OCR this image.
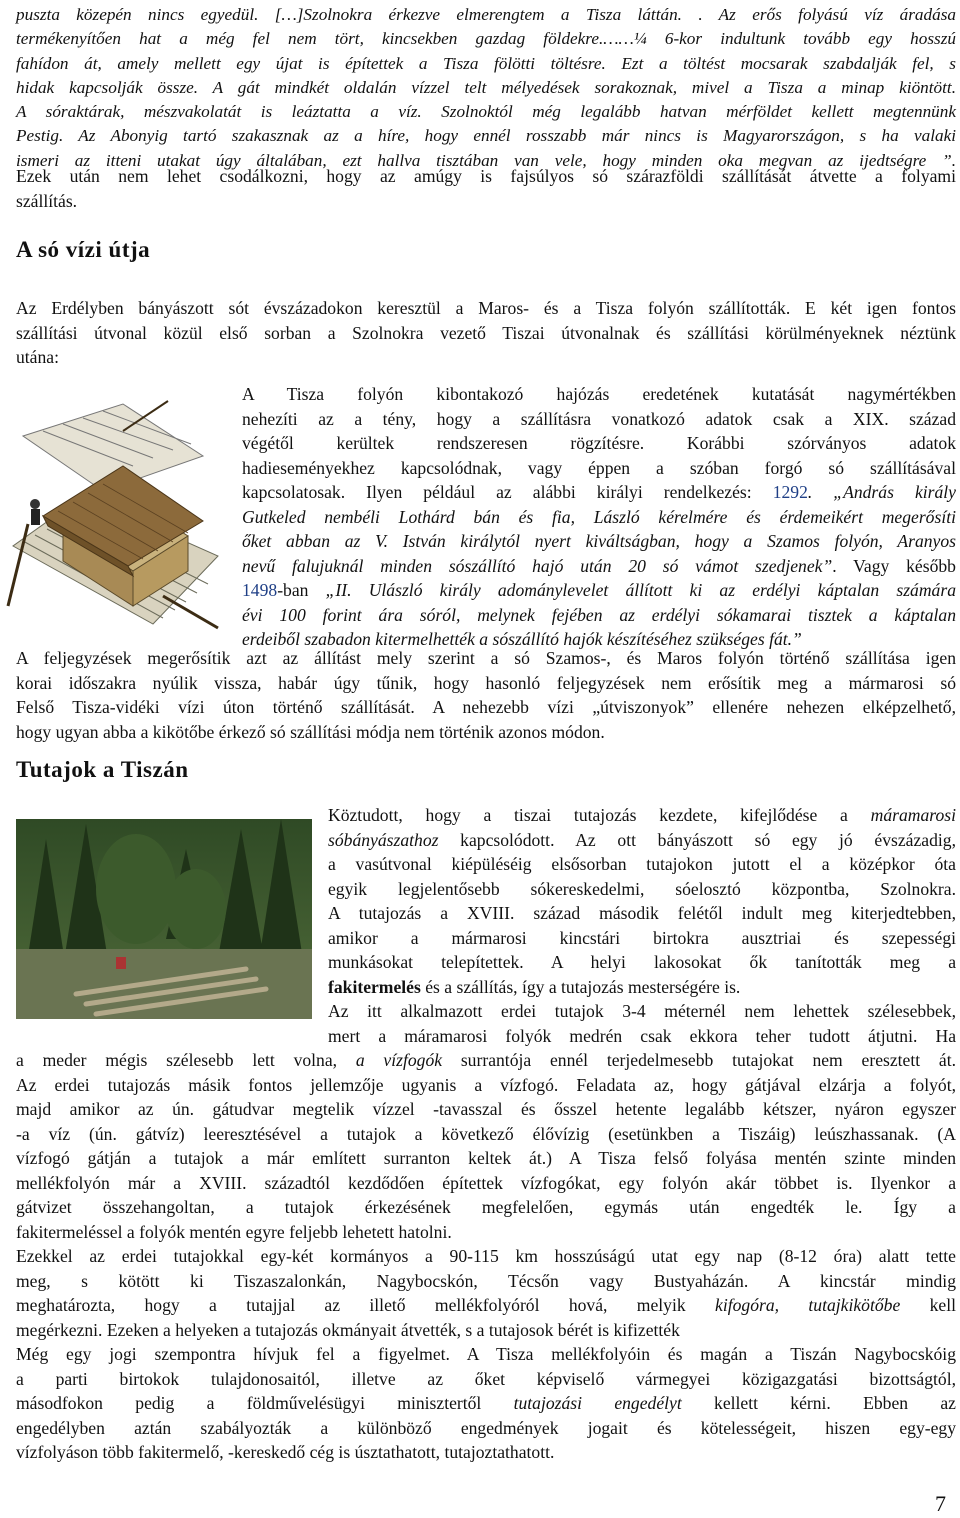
puszta közepén nincs egyedül. […]Szolnokra érkezve elmerengtem a Tisza láttán. . Az erős folyású víz áradása
termékenyítően hat a még fel nem tört, kincsekben gazdag földekre.……¼ 6-kor indultunk tovább egy hosszú
fahídon át, amely mellett egy újat is építettek a Tisza fölötti töltésre. Ezt a töltést mocsarak szabdalják fel, s
hidak kapcsolják össze. A gát mindkét oldalán vízzel telt mélyedések sorakoznak, mivel a Tisza a minap kiöntött.
A sóraktárak, mészvakolatát is leáztatta a víz. Szolnoktól még legalább hatvan mérföldet kellett megtennünk
Pestig. Az Abonyig tartó szakasznak az a híre, hogy ennél rosszabb már nincs is Magyarországon, s ha valaki
ismeri az itteni utakat úgy általában, ezt hallva tisztában van vele, hogy minden oka megvan az ijedtségre ”.
Ezek után nem lehet csodálkozni, hogy az amúgy is fajsúlyos só szárazföldi szállítását átvette a folyami
szállítás.
A só vízi útja
Az Erdélyben bányászott sót évszázadokon keresztül a Maros- és a Tisza folyón szállították. E két igen fontos
szállítási útvonal közül első sorban a Szolnokra vezető Tiszai útvonalnak és szállítási körülményeknek néztünk
utána:
A Tisza folyón kibontakozó hajózás eredetének kutatását nagymértékben
nehezíti az a tény, hogy a szállításra vonatkozó adatok csak a XIX. század
végétől kerültek rendszeresen rögzítésre. Korábbi szórványos adatok
hadieseményekhez kapcsolódnak, vagy éppen a szóban forgó só szállításával
kapcsolatosak. Ilyen például az alábbi királyi rendelkezés: 1292. „András király
Gutkeled nembéli Lothárd bán és fia, László kérelmére és érdemeikért megerősíti
őket abban az V. István királytól nyert kiváltságban, hogy a Szamos folyón, Aranyos
nevű falujuknál minden sószállító hajó után 20 só vámot szedjenek”. Vagy később
1498-ban „II. Ulászló király adománylevelet állított ki az erdélyi káptalan számára
évi 100 forint ára sóról, melynek fejében az erdélyi sókamarai tisztek a káptalan
erdeiből szabadon kitermelhették a sószállító hajók készítéséhez szükséges fát.”
A feljegyzések megerősítik azt az állítást mely szerint a só Szamos-, és Maros folyón történő szállítása igen
korai időszakra nyúlik vissza, habár úgy tűnik, hogy hasonló feljegyzések nem erősítik meg a mármarosi só
Felső Tisza-vidéki vízi úton történő szállítását. A nehezebb vízi „útviszonyok” ellenére nehezen elképzelhető,
hogy ugyan abba a kikötőbe érkező só szállítási módja nem történik azonos módon.
Tutajok a Tiszán
Köztudott, hogy a tiszai tutajozás kezdete, kifejlődése a máramarosi
sóbányászathoz kapcsolódott. Az ott bányászott só egy jó évszázadig,
a vasútvonal kiépüléséig elsősorban tutajokon jutott el a középkor óta
egyik legjelentősebb sókereskedelmi, sóelosztó központba, Szolnokra.
A tutajozás a XVIII. század második felétől indult meg kiterjedtebben,
amikor a mármarosi kincstári birtokra ausztriai és szepességi
munkásokat telepítettek. A helyi lakosokat ők tanították meg a
fakitermelés és a szállítás, így a tutajozás mesterségére is.
Az itt alkalmazott erdei tutajok 3-4 méternél nem lehettek szélesebbek,
mert a máramarosi folyók medrén csak ekkora teher tudott átjutni. Ha
a meder mégis szélesebb lett volna, a vízfogók surrantója ennél terjedelmesebb tutajokat nem eresztett át.
Az erdei tutajozás másik fontos jellemzője ugyanis a vízfogó. Feladata az, hogy gátjával elzárja a folyót,
majd amikor az ún. gátudvar megtelik vízzel -tavasszal és ősszel hetente legalább kétszer, nyáron egyszer
-a víz (ún. gátvíz) leeresztésével a tutajok a következő élővízig (esetünkben a Tiszáig) leúszhassanak. (A
vízfogó gátján a tutajok a már említett surranton keltek át.) A Tisza felső folyása mentén szinte minden
mellékfolyón már a XVIII. századtól kezdődően építettek vízfogókat, egy folyón akár többet is. Ilyenkor a
gátvizet összehangoltan, a tutajok érkezésének megfelelően, egymás után engedték le. Így a
fakitermeléssel a folyók mentén egyre feljebb lehetett hatolni.
Ezekkel az erdei tutajokkal egy-két kormányos a 90-115 km hosszúságú utat egy nap (8-12 óra) alatt tette
meg, s kötött ki Tiszaszalonkán, Nagybocskón, Técsőn vagy Bustyaházán. A kincstár mindig
meghatározta, hogy a tutajjal az illető mellékfolyóról hová, melyik kifogóra, tutajkikötőbe kell
megérkezni. Ezeken a helyeken a tutajozás okmányait átvették, s a tutajosok bérét is kifizették
Még egy jogi szempontra hívjuk fel a figyelmet. A Tisza mellékfolyóin és magán a Tiszán Nagybocskóig
a parti birtokok tulajdonosaitól, illetve az őket képviselő vármegyei közigazgatási bizottságtól,
másodfokon pedig a földművelésügyi minisztertől tutajozási engedélyt kellett kérni. Ebben az
engedélyben aztán szabályozták a különböző engedmények jogait és kötelességeit, hiszen egy-egy
vízfolyáson több fakitermelő, -kereskedő cég is úsztathatott, tutajoztathatott.
7
